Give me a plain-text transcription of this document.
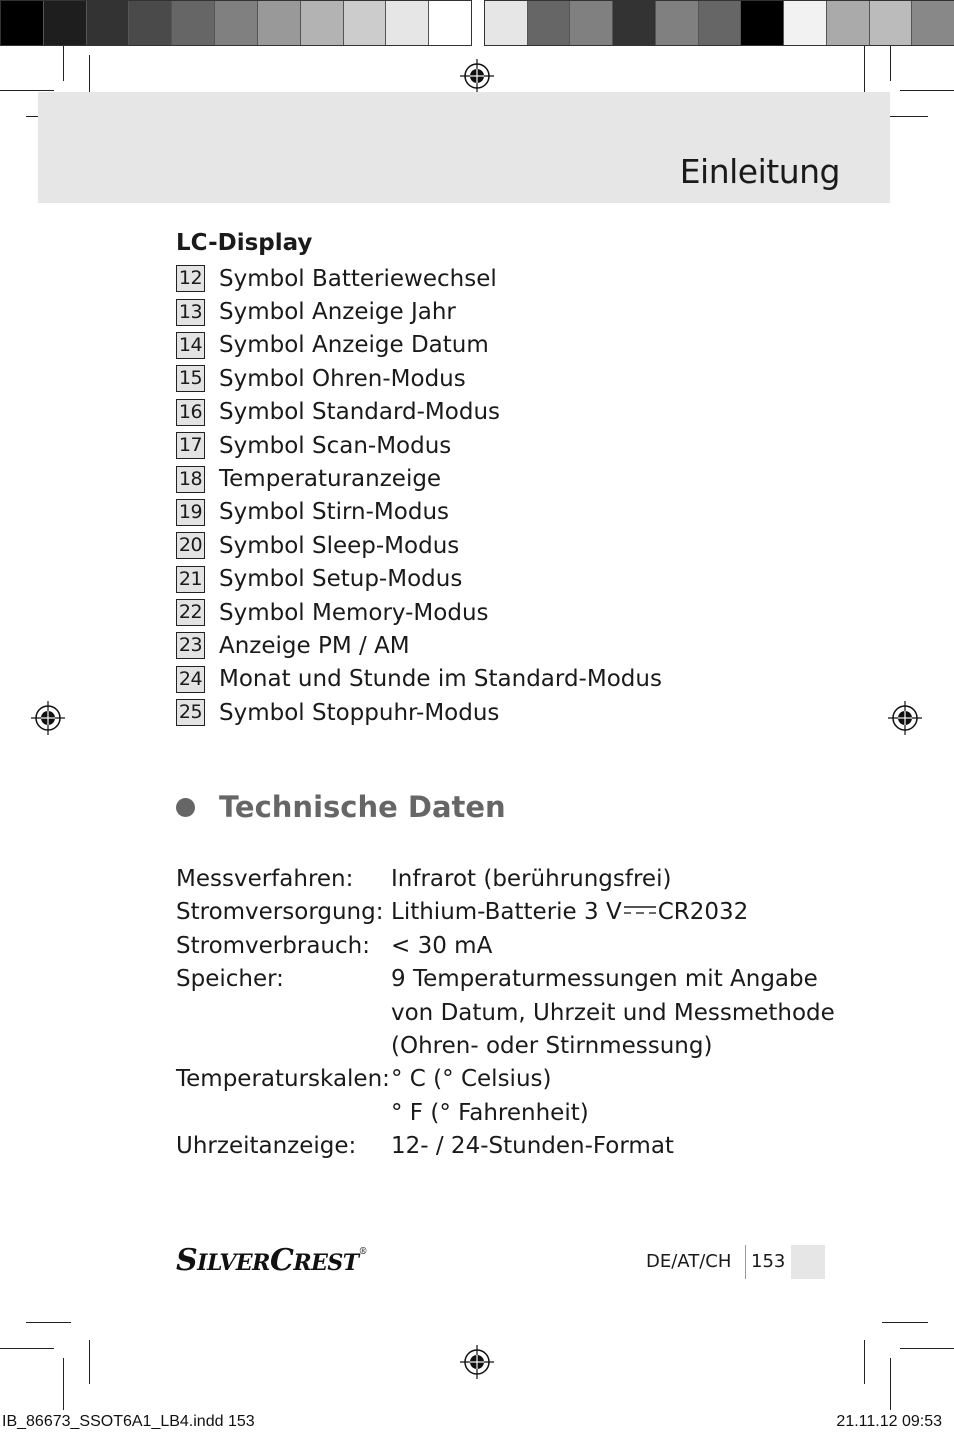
Einleitung
LC-Display
12 Symbol Batteriewechsel
13 Symbol Anzeige Jahr
14 Symbol Anzeige Datum
15 Symbol Ohren-Modus
16 Symbol Standard-Modus
17 Symbol Scan-Modus
18 Temperaturanzeige
19 Symbol Stirn-Modus
20 Symbol Sleep-Modus
21 Symbol Setup-Modus
22 Symbol Memory-Modus
23 Anzeige PM / AM
24 Monat und Stunde im Standard-Modus
25 Symbol Stoppuhr-Modus
Technische Daten
Messverfahren:	Infrarot (berührungsfrei)
Stromversorgung: Lithium-Batterie 3 V CR2032
Stromverbrauch: < 30 mA
Speicher:	9 Temperaturmessungen mit Angabe
von Datum, Uhrzeit und Messmethode
(Ohren- oder Stirnmessung)
Temperaturskalen: ° C (° Celsius)
° F (° Fahrenheit)
Uhrzeitanzeige:	12- / 24-Stunden-Format
SILVERCREST®	DE/AT/CH 153
IB_86673_SSOT6A1_LB4.indd 153	21.11.12 09:53
